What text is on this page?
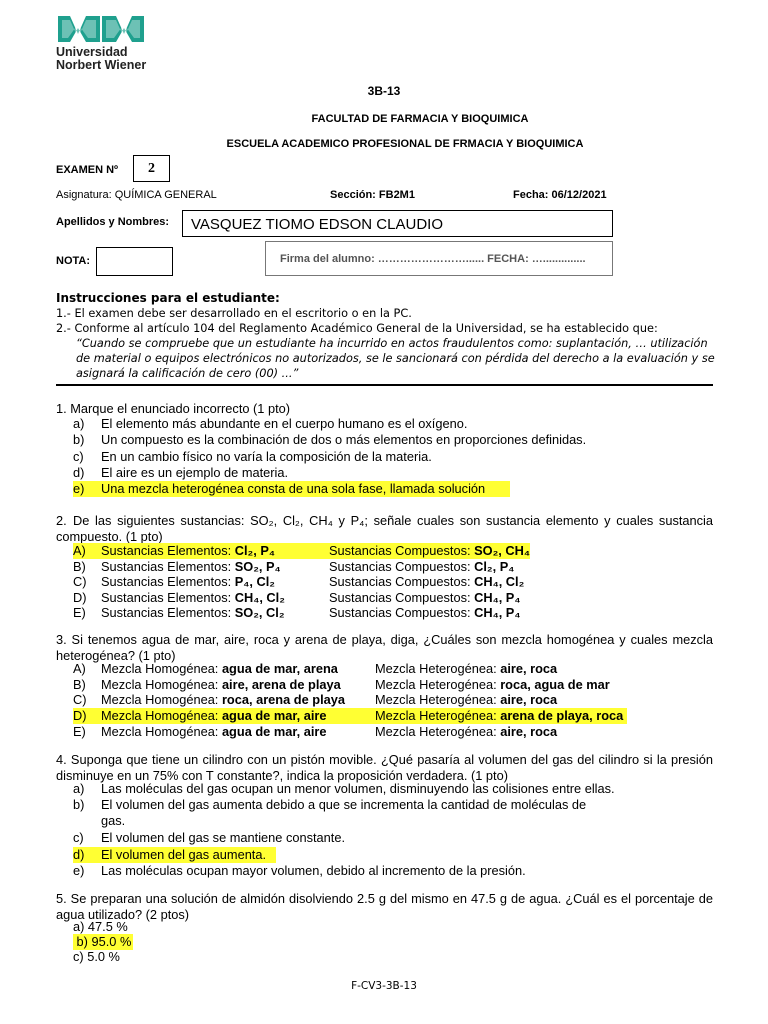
Universidad
Norbert Wiener
3B-13
FACULTAD DE FARMACIA Y BIOQUIMICA
ESCUELA ACADEMICO PROFESIONAL DE FRMACIA Y BIOQUIMICA
EXAMEN Nº	2
Asignatura: QUÍMICA GENERAL	Sección: FB2M1	Fecha: 06/12/2021
Apellidos y Nombres:	VASQUEZ TIOMO EDSON CLAUDIO
NOTA:	Firma del alumno: ……………………...... FECHA: …..............
Instrucciones para el estudiante:
1.- El examen debe ser desarrollado en el escritorio o en la PC.
2.- Conforme al artículo 104 del Reglamento Académico General de la Universidad, se ha establecido que:
“Cuando se compruebe que un estudiante ha incurrido en actos fraudulentos como: suplantación, … utilización de material o equipos electrónicos no autorizados, se le sancionará con pérdida del derecho a la evaluación y se asignará la calificación de cero (00) ...”
1. Marque el enunciado incorrecto (1 pto)
a) El elemento más abundante en el cuerpo humano es el oxígeno.
b) Un compuesto es la combinación de dos o más elementos en proporciones definidas.
c) En un cambio físico no varía la composición de la materia.
d) El aire es un ejemplo de materia.
e) Una mezcla heterogénea consta de una sola fase, llamada solución
2. De las siguientes sustancias: SO₂, Cl₂, CH₄ y P₄; señale cuales son sustancia elemento y cuales sustancia compuesto. (1 pto)
A) Sustancias Elementos: Cl₂, P₄	Sustancias Compuestos: SO₂, CH₄
B) Sustancias Elementos: SO₂, P₄	Sustancias Compuestos: Cl₂, P₄
C) Sustancias Elementos: P₄, Cl₂	Sustancias Compuestos: CH₄, Cl₂
D) Sustancias Elementos: CH₄, Cl₂	Sustancias Compuestos: CH₄, P₄
E) Sustancias Elementos: SO₂, Cl₂	Sustancias Compuestos: CH₄, P₄
3. Si tenemos agua de mar, aire, roca y arena de playa, diga, ¿Cuáles son mezcla homogénea y cuales mezcla heterogénea? (1 pto)
A) Mezcla Homogénea: agua de mar, arena	Mezcla Heterogénea: aire, roca
B) Mezcla Homogénea: aire, arena de playa	Mezcla Heterogénea: roca, agua de mar
C) Mezcla Homogénea: roca, arena de playa Mezcla Heterogénea: aire, roca
D) Mezcla Homogénea: agua de mar, aire	Mezcla Heterogénea: arena de playa, roca
E) Mezcla Homogénea: agua de mar, aire	Mezcla Heterogénea: aire, roca
4. Suponga que tiene un cilindro con un pistón movible. ¿Qué pasaría al volumen del gas del cilindro si la presión disminuye en un 75% con T constante?, indica la proposición verdadera. (1 pto)
a) Las moléculas del gas ocupan un menor volumen, disminuyendo las colisiones entre ellas.
b) El volumen del gas aumenta debido a que se incrementa la cantidad de moléculas de
gas.
c) El volumen del gas se mantiene constante.
d) El volumen del gas aumenta.
e) Las moléculas ocupan mayor volumen, debido al incremento de la presión.
5. Se preparan una solución de almidón disolviendo 2.5 g del mismo en 47.5 g de agua. ¿Cuál es el porcentaje de agua utilizado? (2 ptos)
a) 47.5 %
b) 95.0 %
c) 5.0 %
F-CV3-3B-13
